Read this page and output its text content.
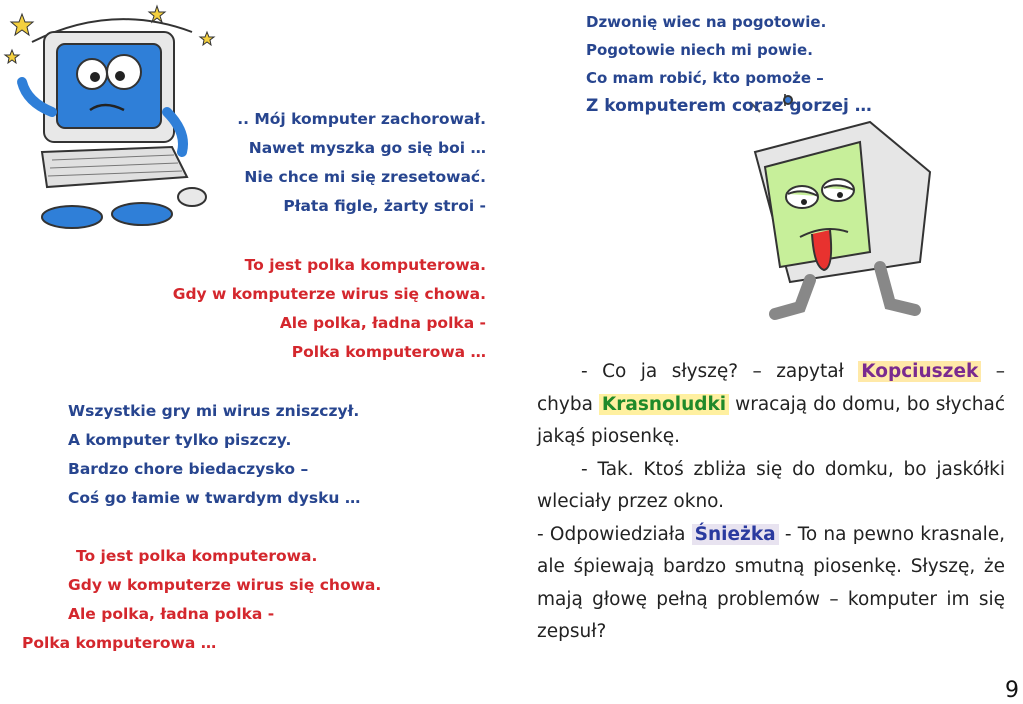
.. Mój komputer zachorował.
Nawet myszka go się boi …
Nie chce mi się zresetować.
Płata figle, żarty stroi -
To jest polka komputerowa.
Gdy w komputerze wirus się chowa.
Ale polka, ładna polka -
Polka komputerowa …
Wszystkie gry mi wirus zniszczył.
A komputer tylko piszczy.
Bardzo chore biedaczysko –
Coś go łamie w twardym dysku …
To jest polka komputerowa.
Gdy w komputerze wirus się chowa.
Ale polka, ładna polka -
Polka komputerowa …
Dzwonię wiec na pogotowie.
Pogotowie niech mi powie.
Co mam robić, kto pomoże –
Z komputerem coraz gorzej …

- Co ja słyszę? – zapytał Kopciuszek – chyba Krasnoludki wracają do domu, bo słychać jakąś piosenkę.

- Tak. Ktoś zbliża się do domku, bo jaskółki wleciały przez okno.

- Odpowiedziała Śnieżka - To na pewno krasnale, ale śpiewają bardzo smutną piosenkę. Słyszę, że mają głowę pełną problemów – komputer im się zepsuł?

9
